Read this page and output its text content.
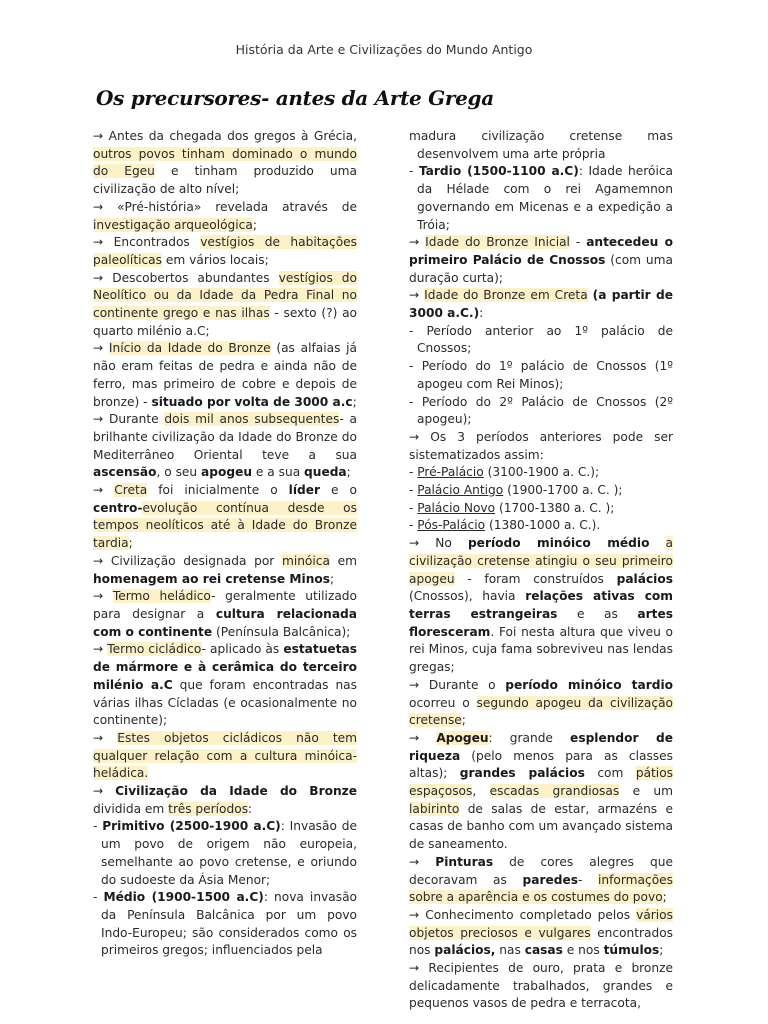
História da Arte e Civilizações do Mundo Antigo
Os precursores- antes da Arte Grega

→ Antes da chegada dos gregos à Grécia, outros povos tinham dominado o mundo do Egeu e tinham produzido uma civilização de alto nível;

→ «Pré-história» revelada através de investigação arqueológica;

→ Encontrados vestígios de habitações paleolíticas em vários locais;

→ Descobertos abundantes vestígios do Neolítico ou da Idade da Pedra Final no continente grego e nas ilhas - sexto (?) ao quarto milénio a.C;

→ Início da Idade do Bronze (as alfaias já não eram feitas de pedra e ainda não de ferro, mas primeiro de cobre e depois de bronze) - situado por volta de 3000 a.c;

→ Durante dois mil anos subsequentes- a brilhante civilização da Idade do Bronze do Mediterrâneo Oriental teve a sua ascensão, o seu apogeu e a sua queda;

→ Creta foi inicialmente o líder e o centro-evolução contínua desde os tempos neolíticos até à Idade do Bronze tardia;

→ Civilização designada por minóica em homenagem ao rei cretense Minos;

→ Termo heládico- geralmente utilizado para designar a cultura relacionada com o continente (Península Balcânica);

→ Termo cicládico- aplicado às estatuetas de mármore e à cerâmica do terceiro milénio a.C que foram encontradas nas várias ilhas Cícladas (e ocasionalmente no continente);

→ Estes objetos cicládicos não tem qualquer relação com a cultura minóica-heládica.

→ Civilização da Idade do Bronze dividida em três períodos:

- Primitivo (2500-1900 a.C): Invasão de um povo de origem não europeia, semelhante ao povo cretense, e oriundo do sudoeste da Ásia Menor;

- Médio (1900-1500 a.C): nova invasão da Península Balcânica por um povo Indo-Europeu; são considerados como os primeiros gregos; influenciados pela

madura civilização cretense mas desenvolvem uma arte própria

- Tardio (1500-1100 a.C): Idade heróica da Hélade com o rei Agamemnon governando em Micenas e a expedição a Tróia;

→ Idade do Bronze Inicial - antecedeu o primeiro Palácio de Cnossos (com uma duração curta);

→ Idade do Bronze em Creta (a partir de 3000 a.C.):

- Período anterior ao 1º palácio de Cnossos;

- Período do 1º palácio de Cnossos (1º apogeu com Rei Minos);

- Período do 2º Palácio de Cnossos (2º apogeu);

→ Os 3 períodos anteriores pode ser sistematizados assim:

- Pré-Palácio (3100-1900 a. C.);

- Palácio Antigo (1900-1700 a. C. );

- Palácio Novo (1700-1380 a. C. );

- Pós-Palácio (1380-1000 a. C.).

→ No período minóico médio a civilização cretense atingiu o seu primeiro apogeu - foram construídos palácios (Cnossos), havia relações ativas com terras estrangeiras e as artes floresceram. Foi nesta altura que viveu o rei Minos, cuja fama sobreviveu nas lendas gregas;

→ Durante o período minóico tardio ocorreu o segundo apogeu da civilização cretense;

→ Apogeu: grande esplendor de riqueza (pelo menos para as classes altas); grandes palácios com pátios espaçosos, escadas grandiosas e um labirinto de salas de estar, armazéns e casas de banho com um avançado sistema de saneamento.

→ Pinturas de cores alegres que decoravam as paredes- informações sobre a aparência e os costumes do povo;

→ Conhecimento completado pelos vários objetos preciosos e vulgares encontrados nos palácios, nas casas e nos túmulos;

→ Recipientes de ouro, prata e bronze delicadamente trabalhados, grandes e pequenos vasos de pedra e terracota,
